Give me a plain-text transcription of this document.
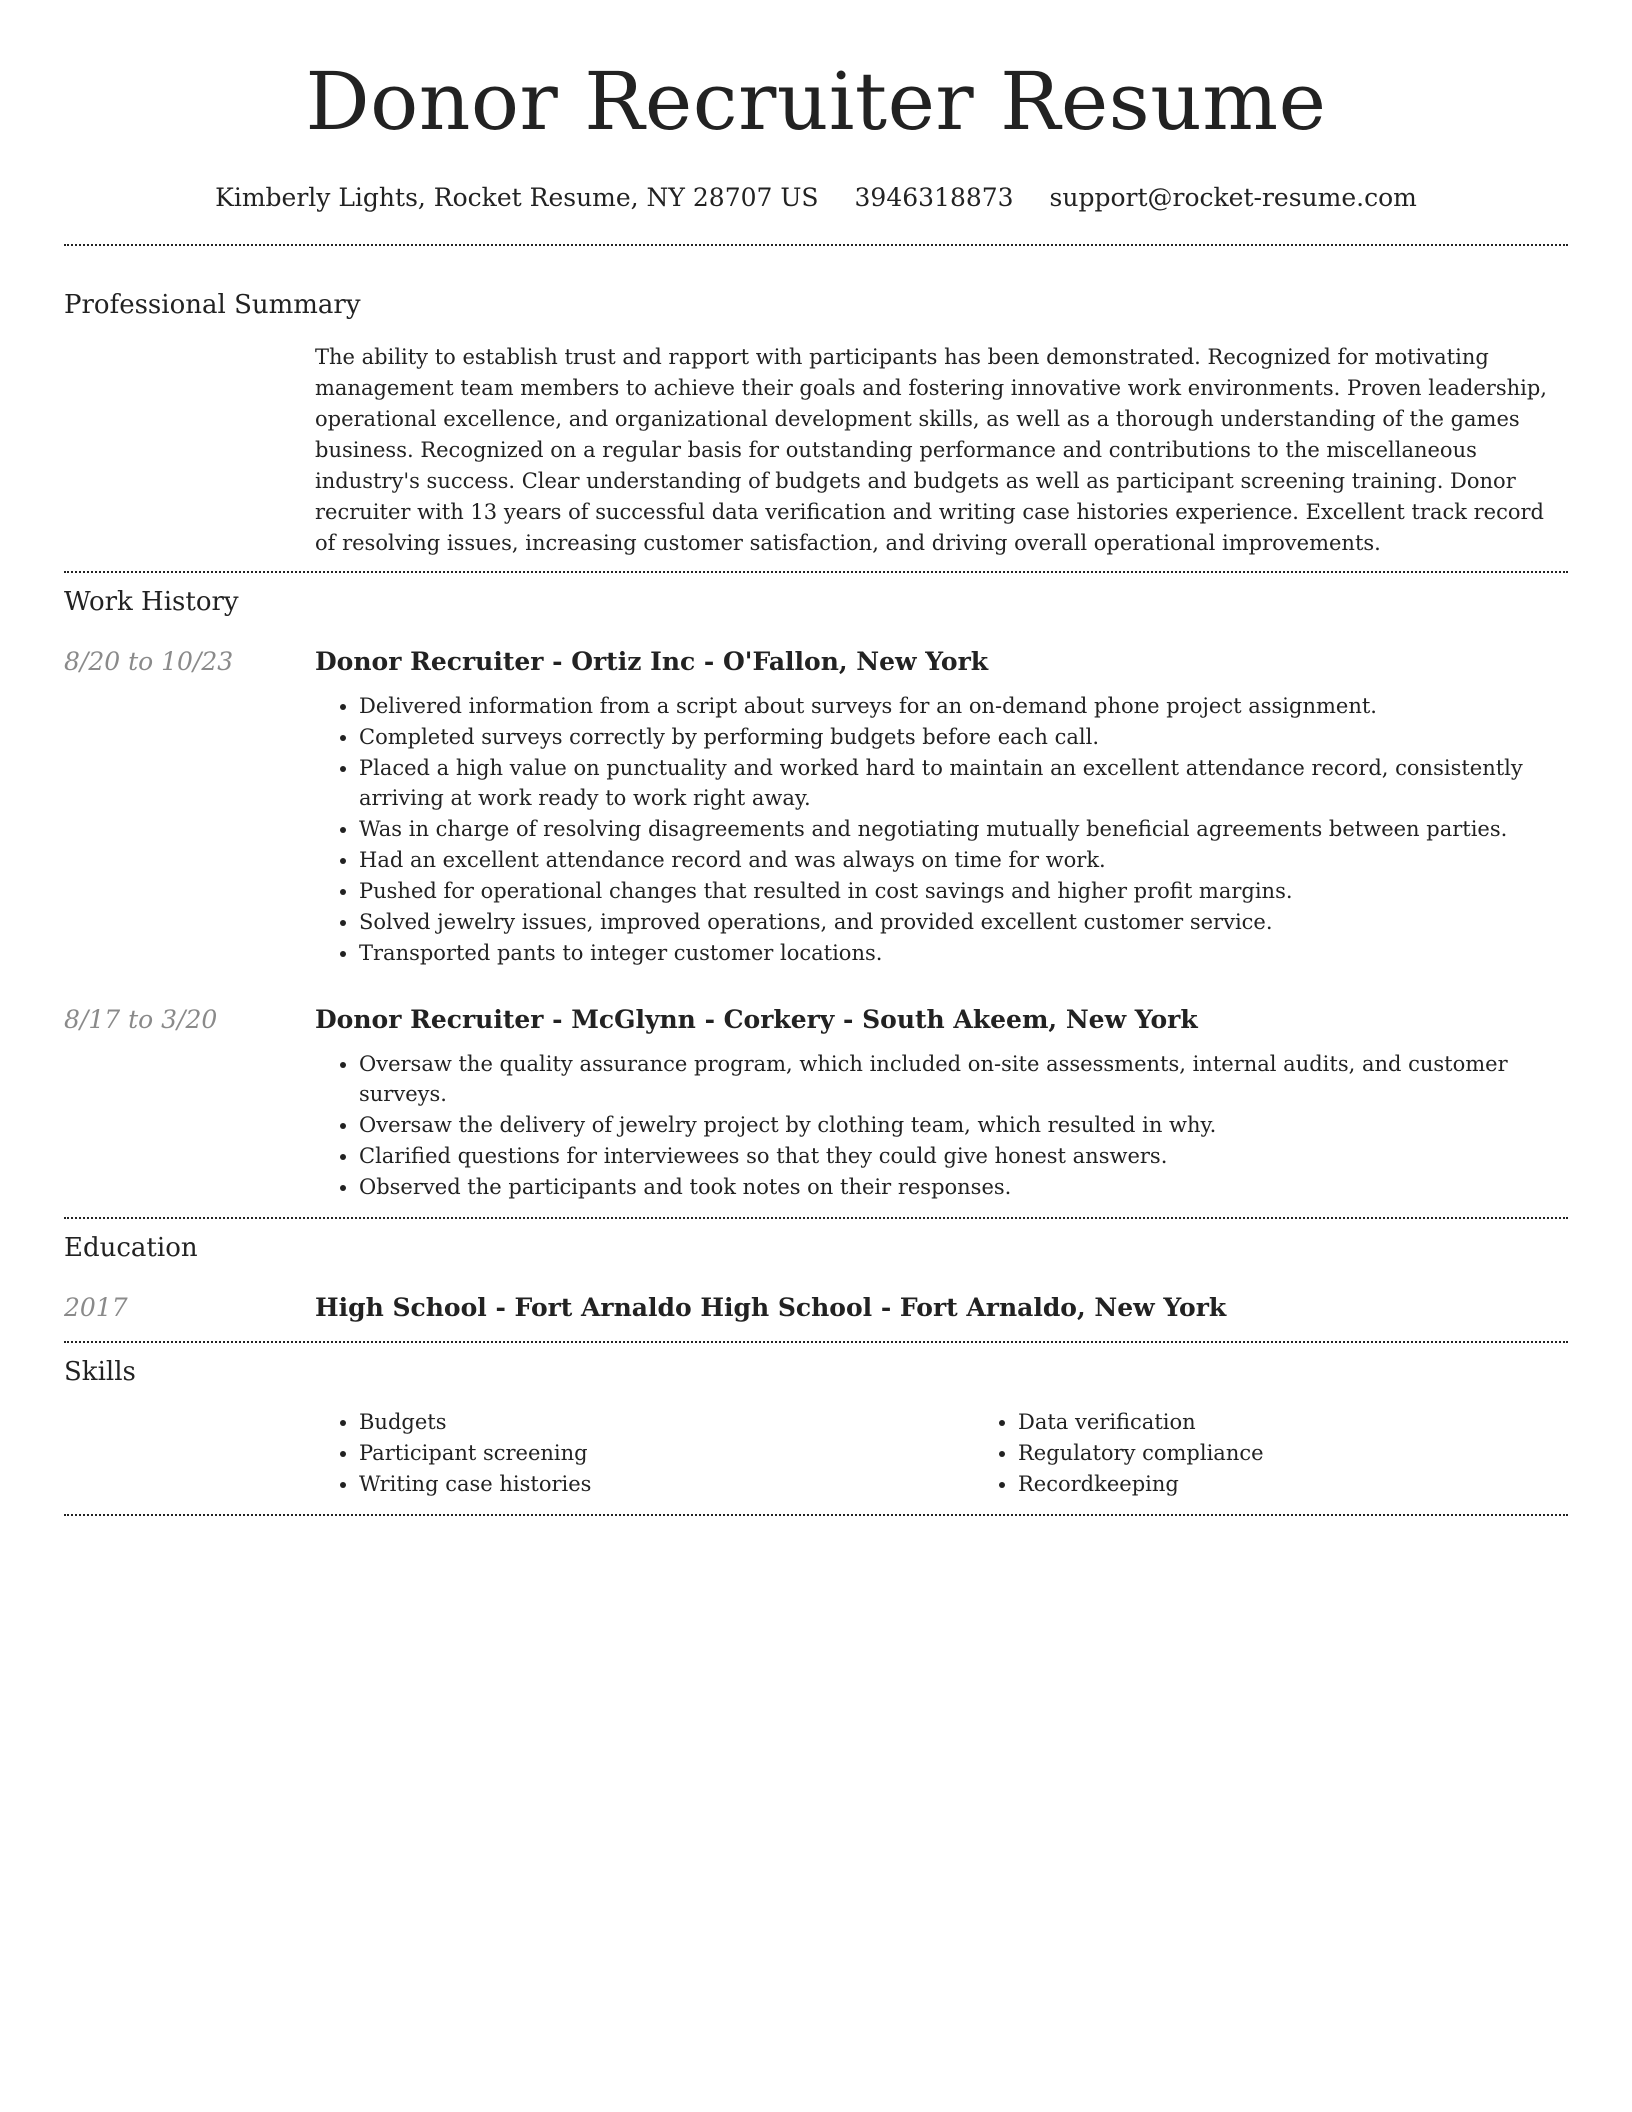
Donor Recruiter Resume
Kimberly Lights, Rocket Resume, NY 28707 US 3946318873 support@rocket-resume.com
Professional Summary

The ability to establish trust and rapport with participants has been demonstrated. Recognized for motivating management team members to achieve their goals and fostering innovative work environments. Proven leadership, operational excellence, and organizational development skills, as well as a thorough understanding of the games business. Recognized on a regular basis for outstanding performance and contributions to the miscellaneous industry's success. Clear understanding of budgets and budgets as well as participant screening training. Donor recruiter with 13 years of successful data verification and writing case histories experience. Excellent track record of resolving issues, increasing customer satisfaction, and driving overall operational improvements.

Work History
8/20 to 10/23	Donor Recruiter - Ortiz Inc - O'Fallon, New York
• Delivered information from a script about surveys for an on-demand phone project assignment.
• Completed surveys correctly by performing budgets before each call.
• Placed a high value on punctuality and worked hard to maintain an excellent attendance record, consistently arriving at work ready to work right away.
• Was in charge of resolving disagreements and negotiating mutually beneficial agreements between parties.
• Had an excellent attendance record and was always on time for work.
• Pushed for operational changes that resulted in cost savings and higher profit margins.
• Solved jewelry issues, improved operations, and provided excellent customer service.
• Transported pants to integer customer locations.
8/17 to 3/20	Donor Recruiter - McGlynn - Corkery - South Akeem, New York
• Oversaw the quality assurance program, which included on-site assessments, internal audits, and customer surveys.
• Oversaw the delivery of jewelry project by clothing team, which resulted in why.
• Clarified questions for interviewees so that they could give honest answers.
• Observed the participants and took notes on their responses.
Education
2017	High School - Fort Arnaldo High School - Fort Arnaldo, New York
Skills
• Budgets
• Participant screening
• Writing case histories
• Data verification
• Regulatory compliance
• Recordkeeping
